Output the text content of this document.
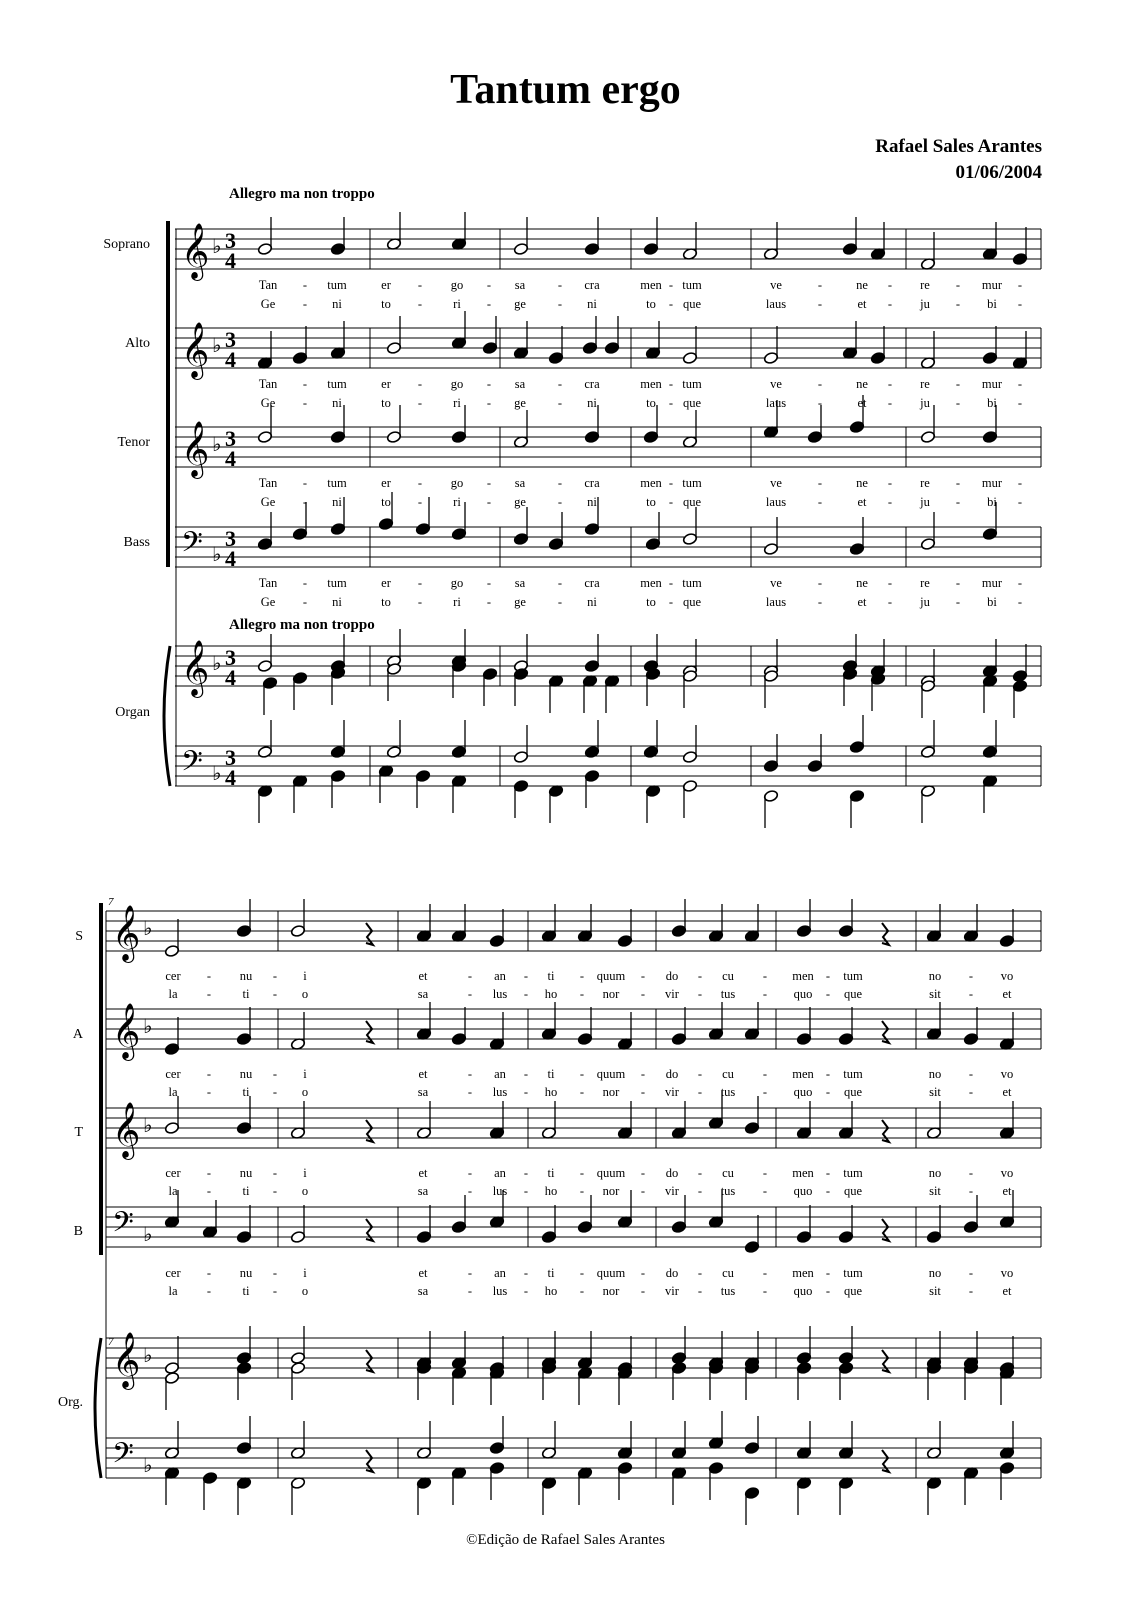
Tantum ergo
Rafael Sales Arantes
01/06/2004
Allegro ma non troppo
Allegro ma non troppo
Soprano
Alto
Tenor
Bass
Organ
S
A
T
B
Org.
7
7
Tan	tum	er	go	sa	cra	men tum	ve	ne	re	mur
-	-	-	-	-	-	-	-	-
Ge	ni	to	ri	ge	ni	to que	laus	et	ju	bi
-	-	-	-	-	-	-	-	-
Tan	tum	er	go	sa	cra	men tum	ve	ne	re	mur
-	-	-	-	-	-	-	-	-
Ge	ni	to	ri	ge	ni	to que	laus	et	ju	bi
-	-	-	-	-	-	-	-	-
Tan	tum	er	go	sa	cra	men tum	ve	ne	re	mur
-	-	-	-	-	-	-	-	-
Ge	ni	to	ri	ge	ni	to que	laus	et	ju	bi
-	-	-	-	-	-	-	-	-
Tan	tum	er	go	sa	cra	men tum	ve	ne	re	mur
-	-	-	-	-	-	-	-	-
Ge	ni	to	ri	ge	ni	to que	laus	et	ju	bi
-	-	-	-	-	-	-	-	-
cer	nu	i	et	an	ti	quum	do	cu	men tum	no	vo
-	-	-	-	-	-	-	-	-	-
la	ti	o	sa	lus	ho	nor	vir	tus	quo	que	sit	et
-	-	-	-	-	-	-	-	-	-
cer	nu	i	et	an	ti	quum	do	cu	men tum	no	vo
-	-	-	-	-	-	-	-	-	-
la	ti	o	sa	lus	ho	nor	vir	tus	quo	que	sit	et
-	-	-	-	-	-	-	-	-	-
cer	nu	i	et	an	ti	quum	do	cu	men tum	no	vo
-	-	-	-	-	-	-	-	-	-
la	ti	o	sa	lus	ho	nor	vir	tus	quo	que	sit	et
-	-	-	-	-	-	-	-	-	-
cer	nu	i	et	an	ti	quum	do	cu	men tum	no	vo
-	-	-	-	-	-	-	-	-	-
la	ti	o	sa	lus	ho	nor	vir	tus	quo	que	sit	et
-	-	-	-	-	-	-	-	-	-
𝄞 ♭ 3
4
𝄞 ♭ 3
4
𝄞 ♭ 3
4
𝄢 ♭
3
4
𝄞 ♭ 3
4
𝄢 ♭
3
4
𝄞 ♭
𝄞 ♭
𝄞 ♭
𝄢 ♭
𝄞 ♭
𝄢 ♭
©Edição de Rafael Sales Arantes
